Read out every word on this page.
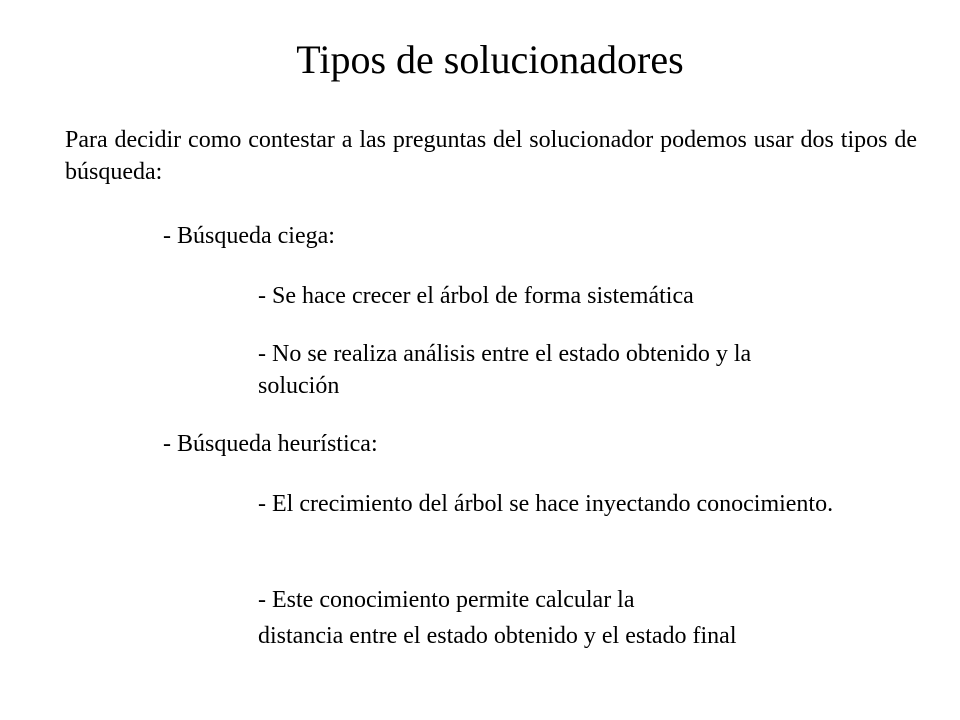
Tipos de solucionadores

Para decidir como contestar a las preguntas del solucionador podemos usar dos tipos de búsqueda:

- Búsqueda ciega:

- Se hace crecer el árbol de forma sistemática

- No se realiza análisis entre el estado obtenido y la solución

- Búsqueda heurística:

- El crecimiento del árbol se hace inyectando conocimiento.

- Este conocimiento permite calcular la

distancia entre el estado obtenido y el estado final
